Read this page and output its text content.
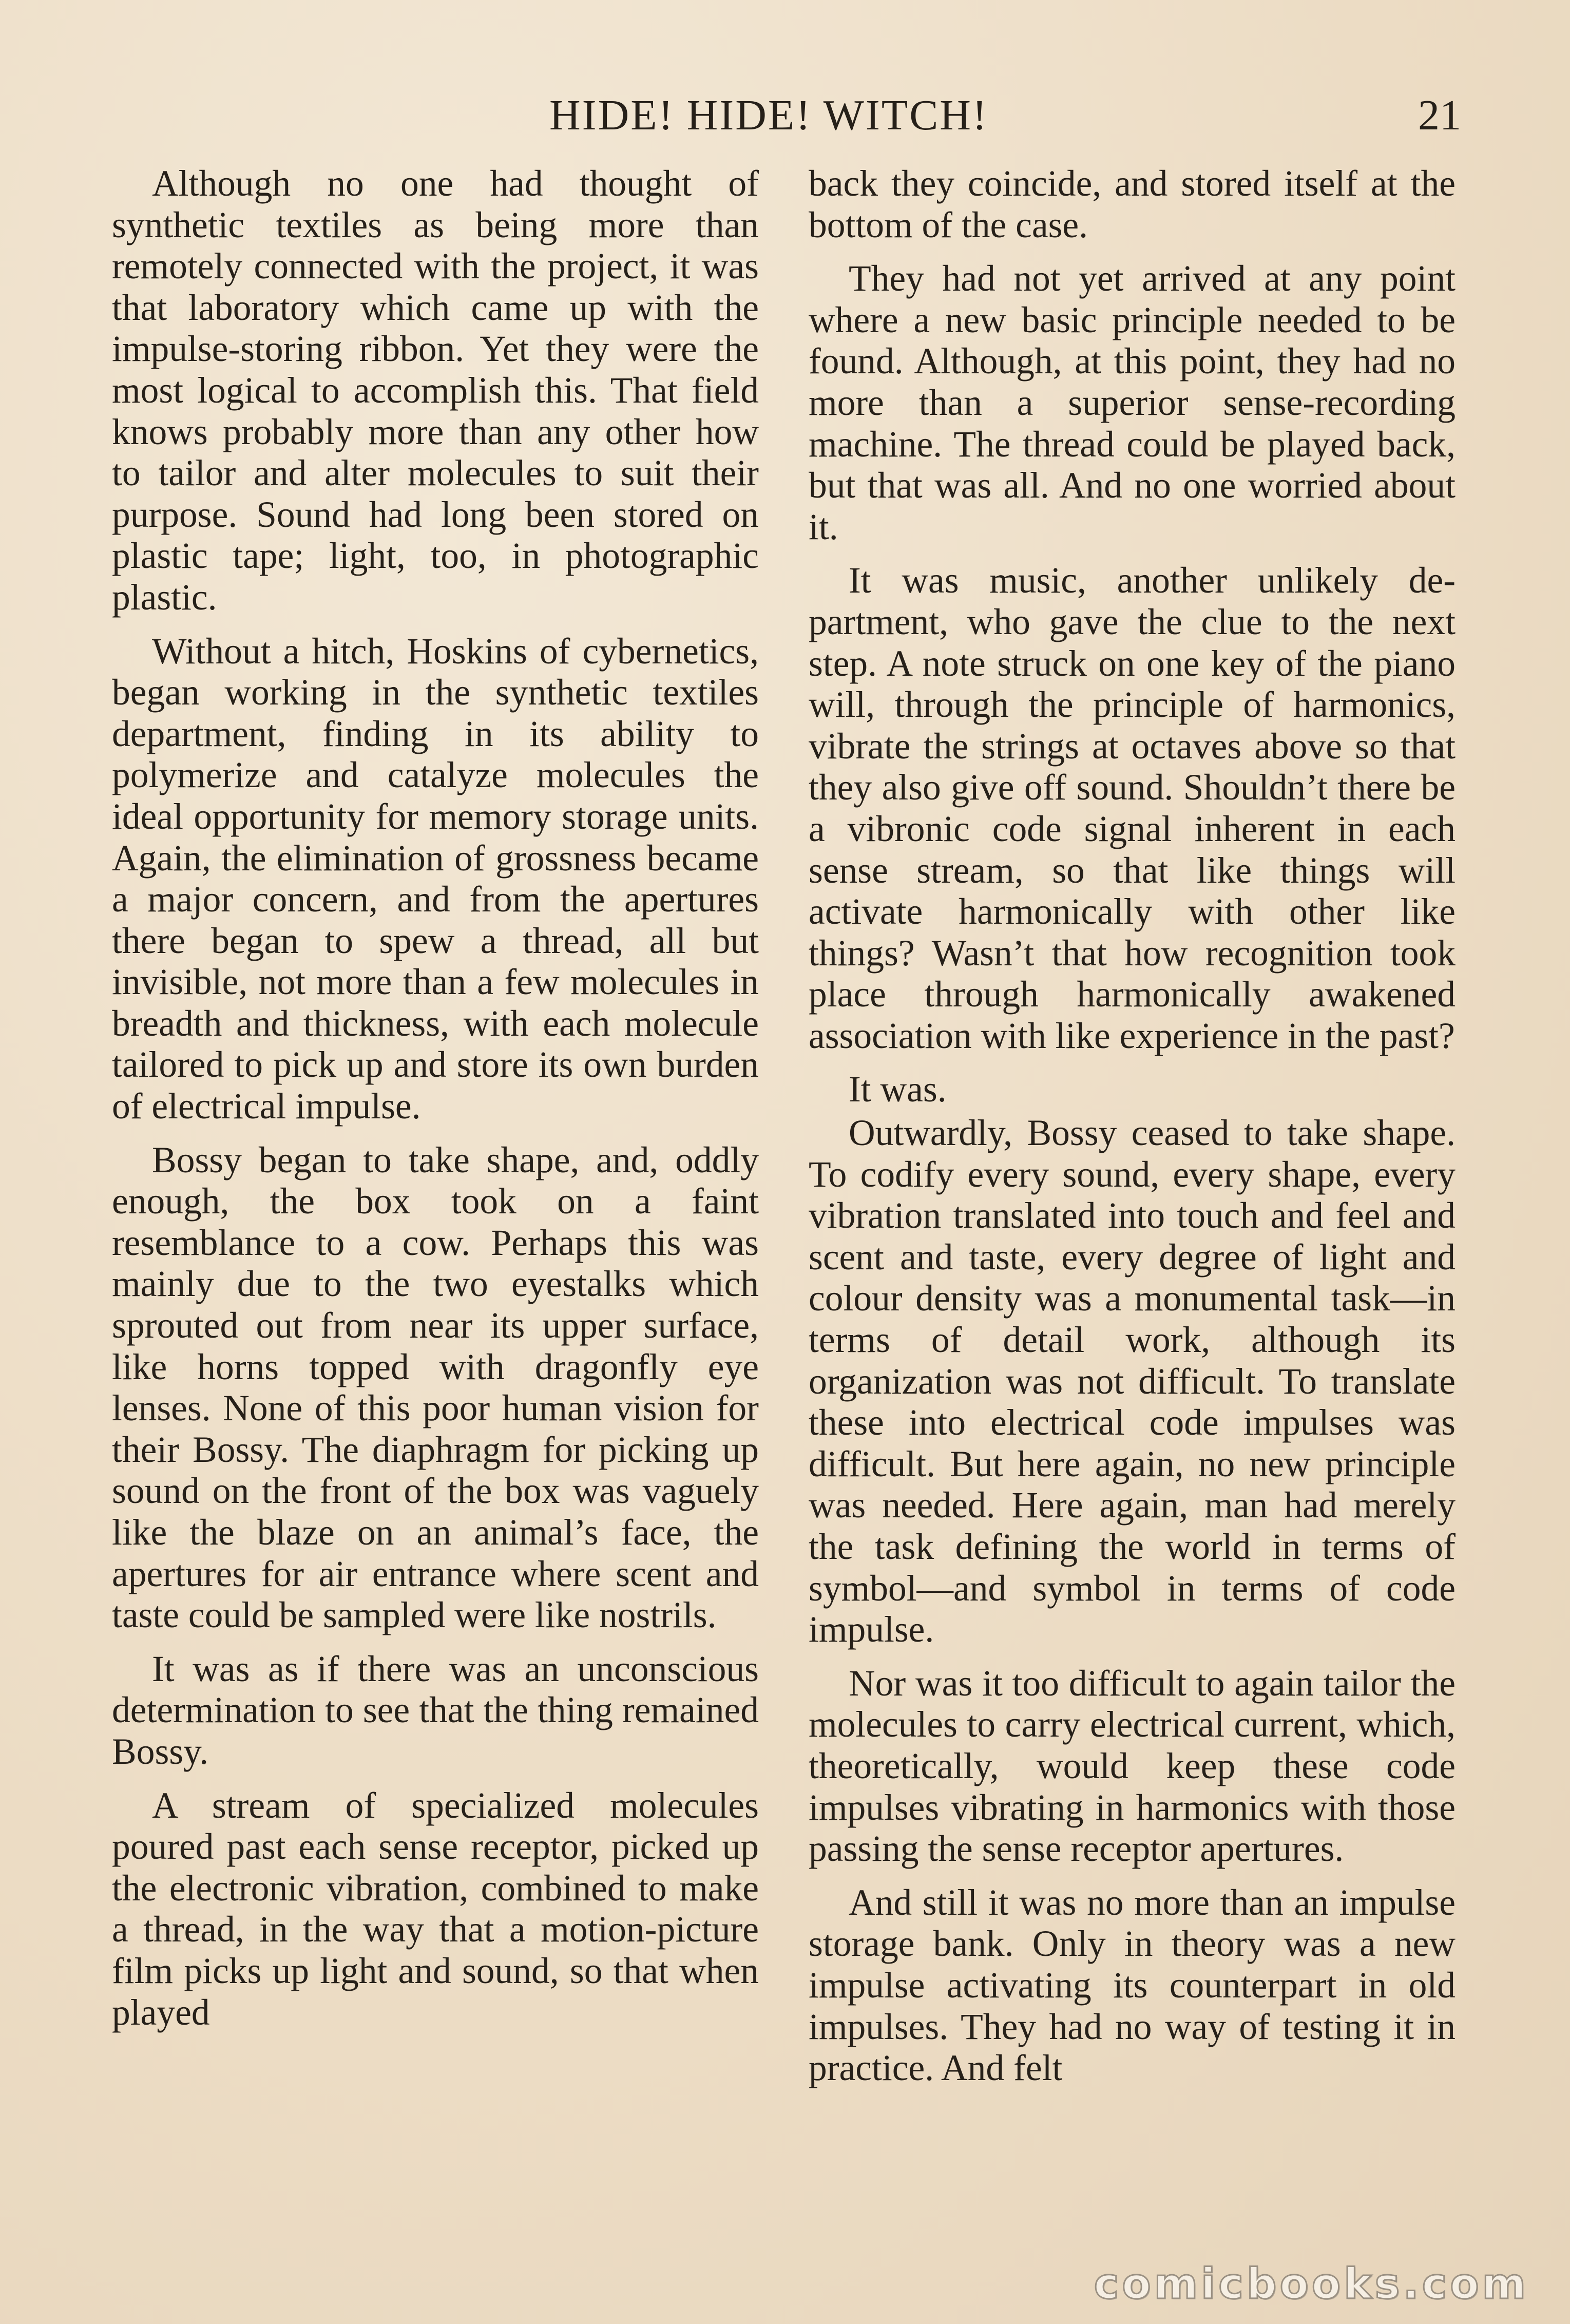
HIDE! HIDE! WITCH!	21

Although no one had thought of synthetic textiles as being more than remotely connected with the project, it was that laboratory which came up with the impulse-storing ribbon. Yet they were the most logical to accomplish this. That field knows probably more than any other how to tailor and alter molecules to suit their purpose. Sound had long been stored on plastic tape; light, too, in photographic plastic.

Without a hitch, Hoskins of cybernetics, began working in the synthetic textiles department, finding in its ability to polymerize and catalyze molecules the ideal opportunity for memory storage units. Again, the elimination of grossness became a major concern, and from the apertures there began to spew a thread, all but invisible, not more than a few molecules in breadth and thickness, with each molecule tailored to pick up and store its own burden of electrical impulse.

Bossy began to take shape, and, oddly enough, the box took on a faint resemblance to a cow. Perhaps this was mainly due to the two eyestalks which sprouted out from near its upper surface, like horns topped with dragonfly eye lenses. None of this poor human vision for their Bossy. The diaphragm for picking up sound on the front of the box was vaguely like the blaze on an animal’s face, the apertures for air entrance where scent and taste could be sampled were like nostrils.

It was as if there was an unconscious determination to see that the thing remained Bossy.

A stream of specialized molecules poured past each sense receptor, picked up the electronic vibration, combined to make a thread, in the way that a motion-picture film picks up light and sound, so that when played

back they coincide, and stored itself at the bottom of the case.

They had not yet arrived at any point where a new basic principle needed to be found. Although, at this point, they had no more than a superior sense-recording machine. The thread could be played back, but that was all. And no one worried about it.

It was music, another unlikely department, who gave the clue to the next step. A note struck on one key of the piano will, through the principle of harmonics, vibrate the strings at octaves above so that they also give off sound. Shouldn’t there be a vibronic code signal inherent in each sense stream, so that like things will activate harmonically with other like things? Wasn’t that how recognition took place through harmonically awakened association with like experience in the past?

It was.

Outwardly, Bossy ceased to take shape. To codify every sound, every shape, every vibration translated into touch and feel and scent and taste, every degree of light and colour density was a monumental task—in terms of detail work, although its organization was not difficult. To translate these into electrical code impulses was difficult. But here again, no new principle was needed. Here again, man had merely the task defining the world in terms of symbol—and symbol in terms of code impulse.

Nor was it too difficult to again tailor the molecules to carry electrical current, which, theoretically, would keep these code impulses vibrating in harmonics with those passing the sense receptor apertures.

And still it was no more than an impulse storage bank. Only in theory was a new impulse activating its counterpart in old impulses. They had no way of testing it in practice. And felt

comicbooks.com
